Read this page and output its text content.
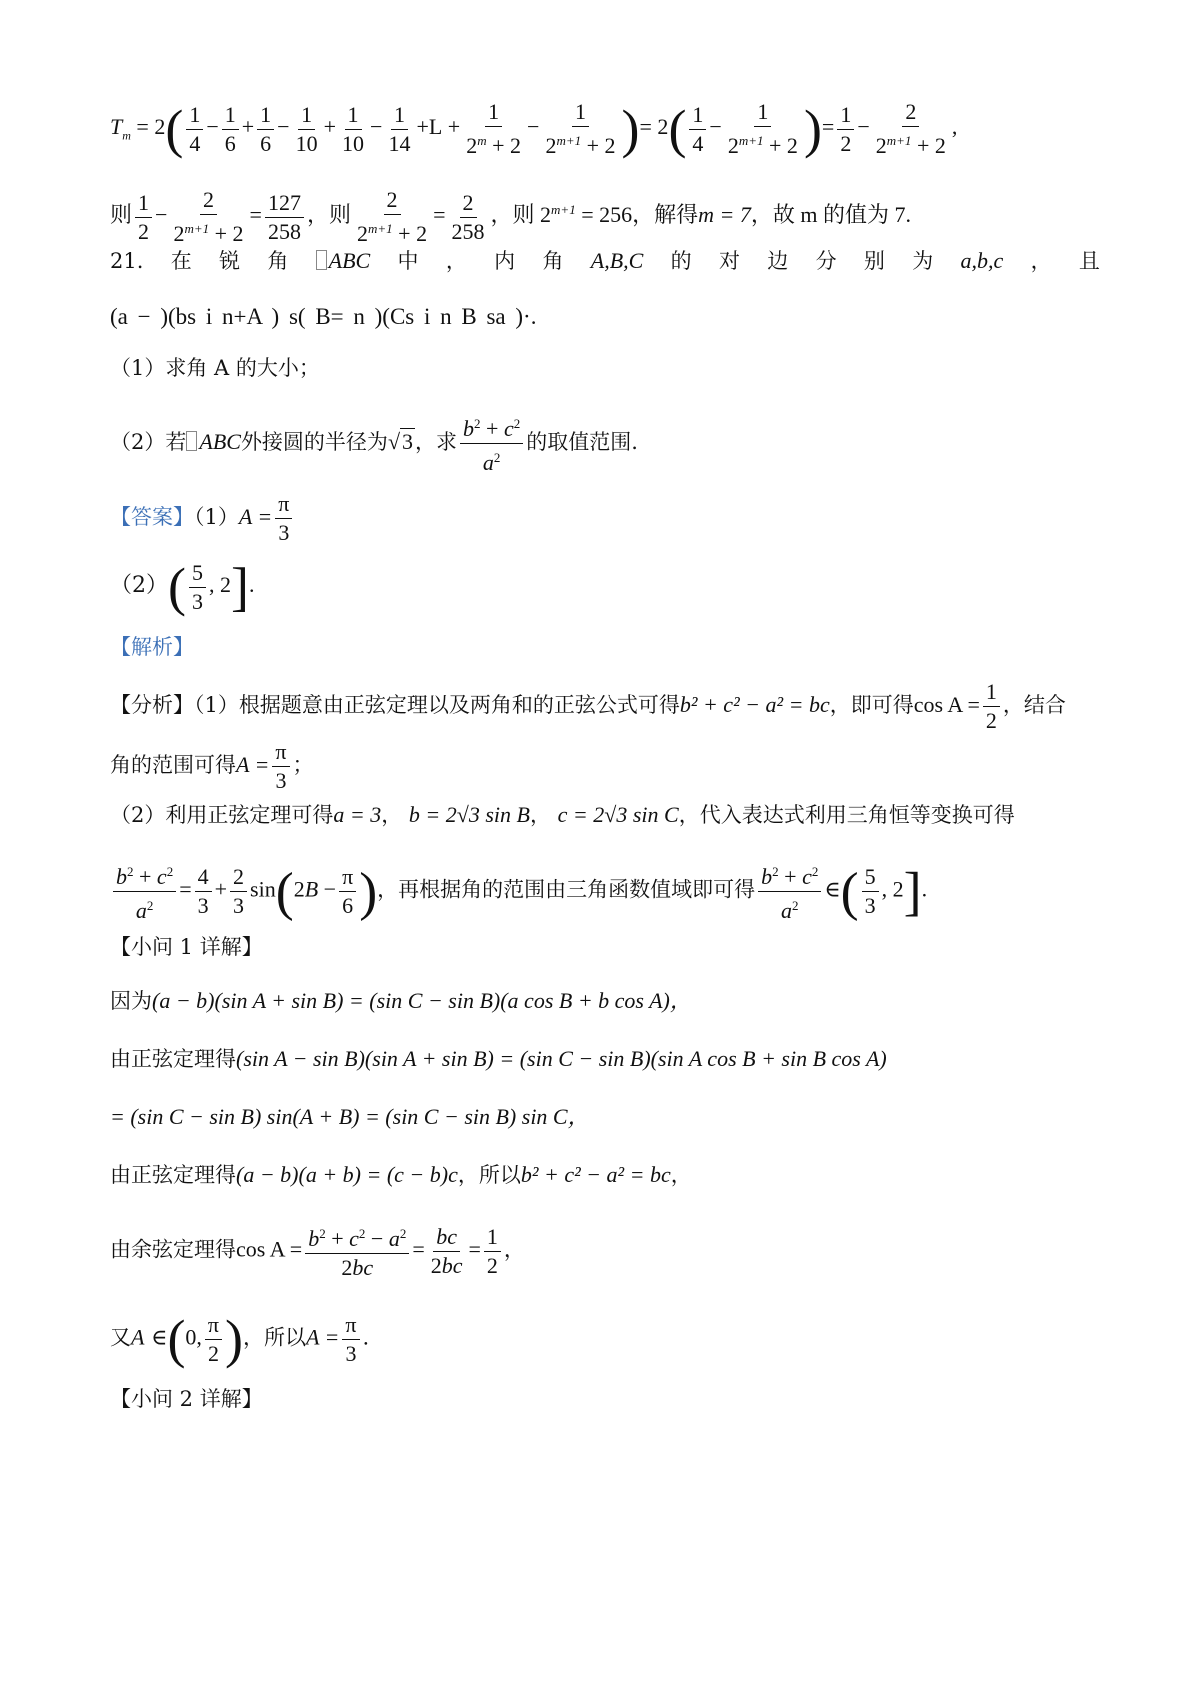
$T_m = 2( \frac{1}{4} - \frac{1}{6} + \frac{1}{6} - \frac{1}{10} + \frac{1}{10} - \frac{1}{14} +L + \frac{1}{2^m + 2} - \frac{1}{2^{m+1} + 2}$ )= $2( \frac{1}{4} - \frac{1}{2^{m+1} + 2}$ )= $\frac{1}{2} - \frac{2}{2^{m+1} + 2}$ ,
则 $\frac{1}{2} - \frac{2}{2^{m+1} + 2} = \frac{127}{258}$ ，则 $\frac{2}{2^{m+1} + 2} = \frac{2}{258}$ ，则 $2^{m+1} = 256$，解得m = 7，故 m 的值为 7.
21. 在 锐 角	ABC 中 ， 内 角 A,B,C 的 对 边 分 别 为 a,b,c ， 且
(a − )(bs i n+A ) s( B= n )(Cs i n B sa )·.
（1）求角 A 的大小；
（2）若 ABC外接圆的半径为√3，求 $\frac{b^2 + c^2}{a^2}$ 的取值范围.
【答案】$(1)A = \frac{\pi}{3}$
$(2)( \frac{5}{3}$ , 2].
【解析】
【分析】（1）根据题意由正弦定理以及两角和的正弦公式可得b² + c² − a² = bc，即可得$\cos A = \frac{1}{2}$ ，结合
角的范围可得$A = \frac{\pi}{3}$ ；
（2）利用正弦定理可得a = 3， b = 2√3 sin B， c = 2√3 sin C，代入表达式利用三角恒等变换可得
$\frac{b^2 + c^2}{a^2} = \frac{4}{3} + \frac{2}{3} \sin(2B - \frac{\pi}{6}$ )，再根据角的范围由三角函数值域即可得 $\frac{b^2 + c^2}{a^2}$ ∈( $\frac{5}{3}$ , 2].
【小问 1 详解】
因为(a − b)(sin A + sin B) = (sin C − sin B)(a cos B + b cos A)，
由正弦定理得(sin A − sin B)(sin A + sin B) = (sin C − sin B)(sin A cos B + sin B cos A)
= (sin C − sin B) sin(A + B) = (sin C − sin B) sin C，
由正弦定理得(a − b)(a + b) = (c − b)c，所以b² + c² − a² = bc，
由余弦定理得$\cos A = \frac{b^2 + c^2 - a^2}{2bc} = \frac{bc}{2bc} = \frac{1}{2}$ ，
又A ∈(0, $\frac{\pi}{2}$ )，所以$A = \frac{\pi}{3}$ .
【小问 2 详解】
